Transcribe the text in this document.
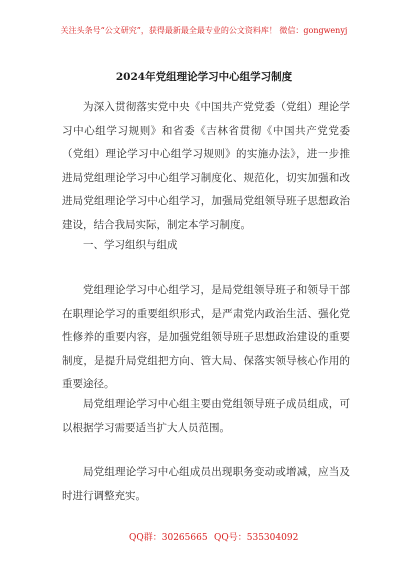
关注头条号“公文研究”，获得最新最全最专业的公文资料库！ 微信：gongwenyj
2024年党组理论学习中心组学习制度

为深入贯彻落实党中央《中国共产党党委（党组）理论学习中心组学习规则》和省委《吉林省贯彻《中国共产党党委（党组）理论学习中心组学习规则》的实施办法》，进一步推进局党组理论学习中心组学习制度化、规范化，切实加强和改进局党组理论学习中心组学习，加强局党组领导班子思想政治建设，结合我局实际，制定本学习制度。

一、学习组织与组成

党组理论学习中心组学习，是局党组领导班子和领导干部在职理论学习的重要组织形式，是严肃党内政治生活、强化党性修养的重要内容，是加强党组领导班子思想政治建设的重要制度，是提升局党组把方向、管大局、保落实领导核心作用的重要途径。

局党组理论学习中心组主要由党组领导班子成员组成，可以根据学习需要适当扩大人员范围。

局党组理论学习中心组成员出现职务变动或增减，应当及时进行调整充实。

QQ群：30265665 QQ号：535304092
